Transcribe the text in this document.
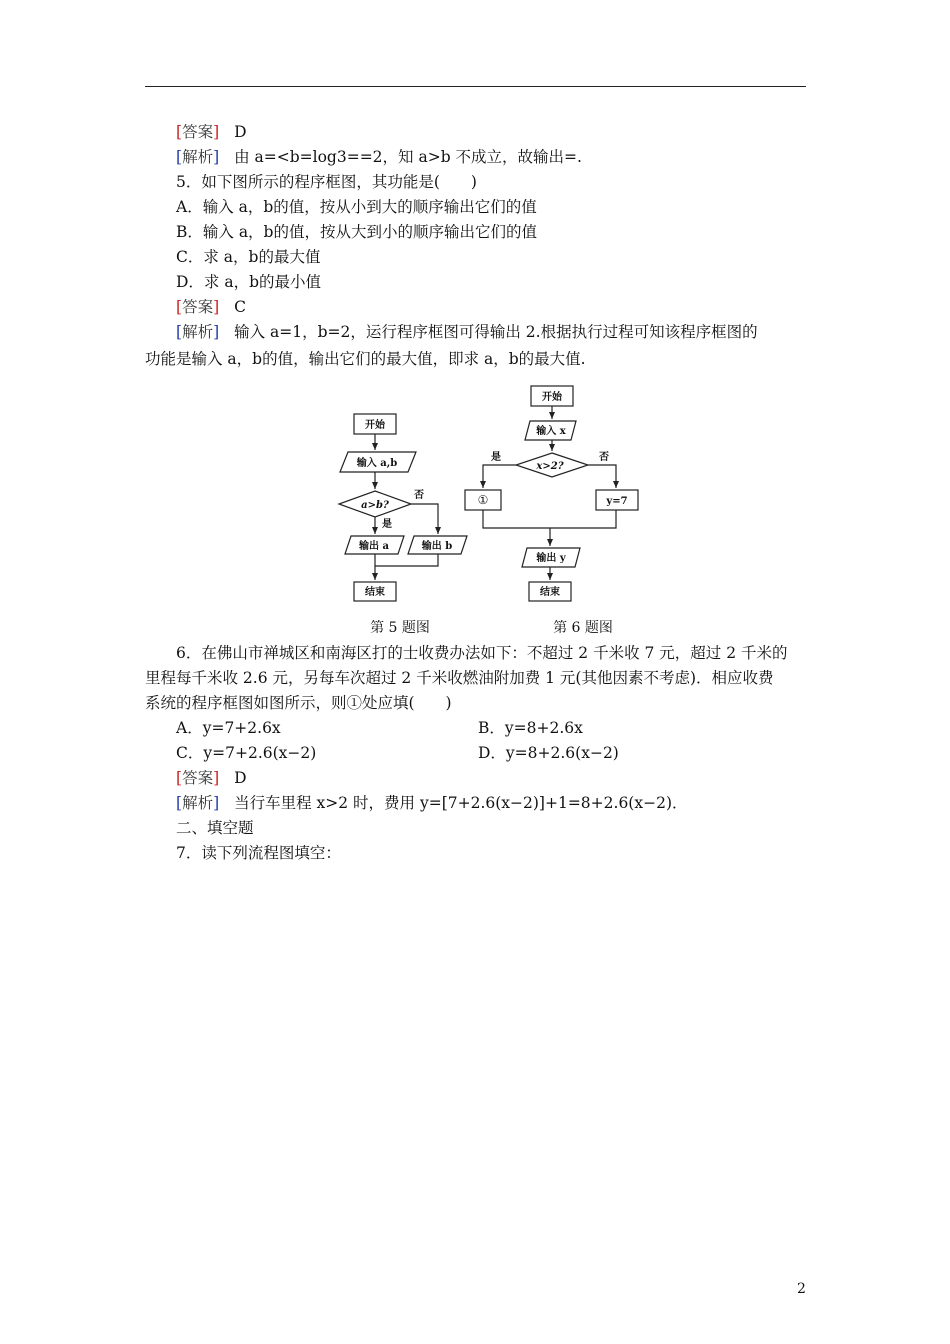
[答案] D
[解析] 由 a=<b=log3==2，知 a>b 不成立，故输出=.
5．如下图所示的程序框图，其功能是(　　)
A．输入 a，b的值，按从小到大的顺序输出它们的值
B．输入 a，b的值，按从大到小的顺序输出它们的值
C．求 a，b的最大值
D．求 a，b的最小值
[答案] C
[解析] 输入 a=1，b=2，运行程序框图可得输出 2.根据执行过程可知该程序框图的
功能是输入 a，b的值，输出它们的最大值，即求 a，b的最大值.
开始
输入 a,b
a>b?
是
否
输出 a	输出 b
结束
开始
输入 x
x>2?
是	否
①	y=7
输出 y
结束
第 5 题图	第 6 题图
6．在佛山市禅城区和南海区打的士收费办法如下：不超过 2 千米收 7 元，超过 2 千米的
里程每千米收 2.6 元，另每车次超过 2 千米收燃油附加费 1 元(其他因素不考虑)．相应收费
系统的程序框图如图所示，则①处应填(　　)
A．y=7+2.6x	B．y=8+2.6x
C．y=7+2.6(x−2)	D．y=8+2.6(x−2)
[答案] D
[解析] 当行车里程 x>2 时，费用 y=[7+2.6(x−2)]+1=8+2.6(x−2)．
二、填空题
7．读下列流程图填空：
2
